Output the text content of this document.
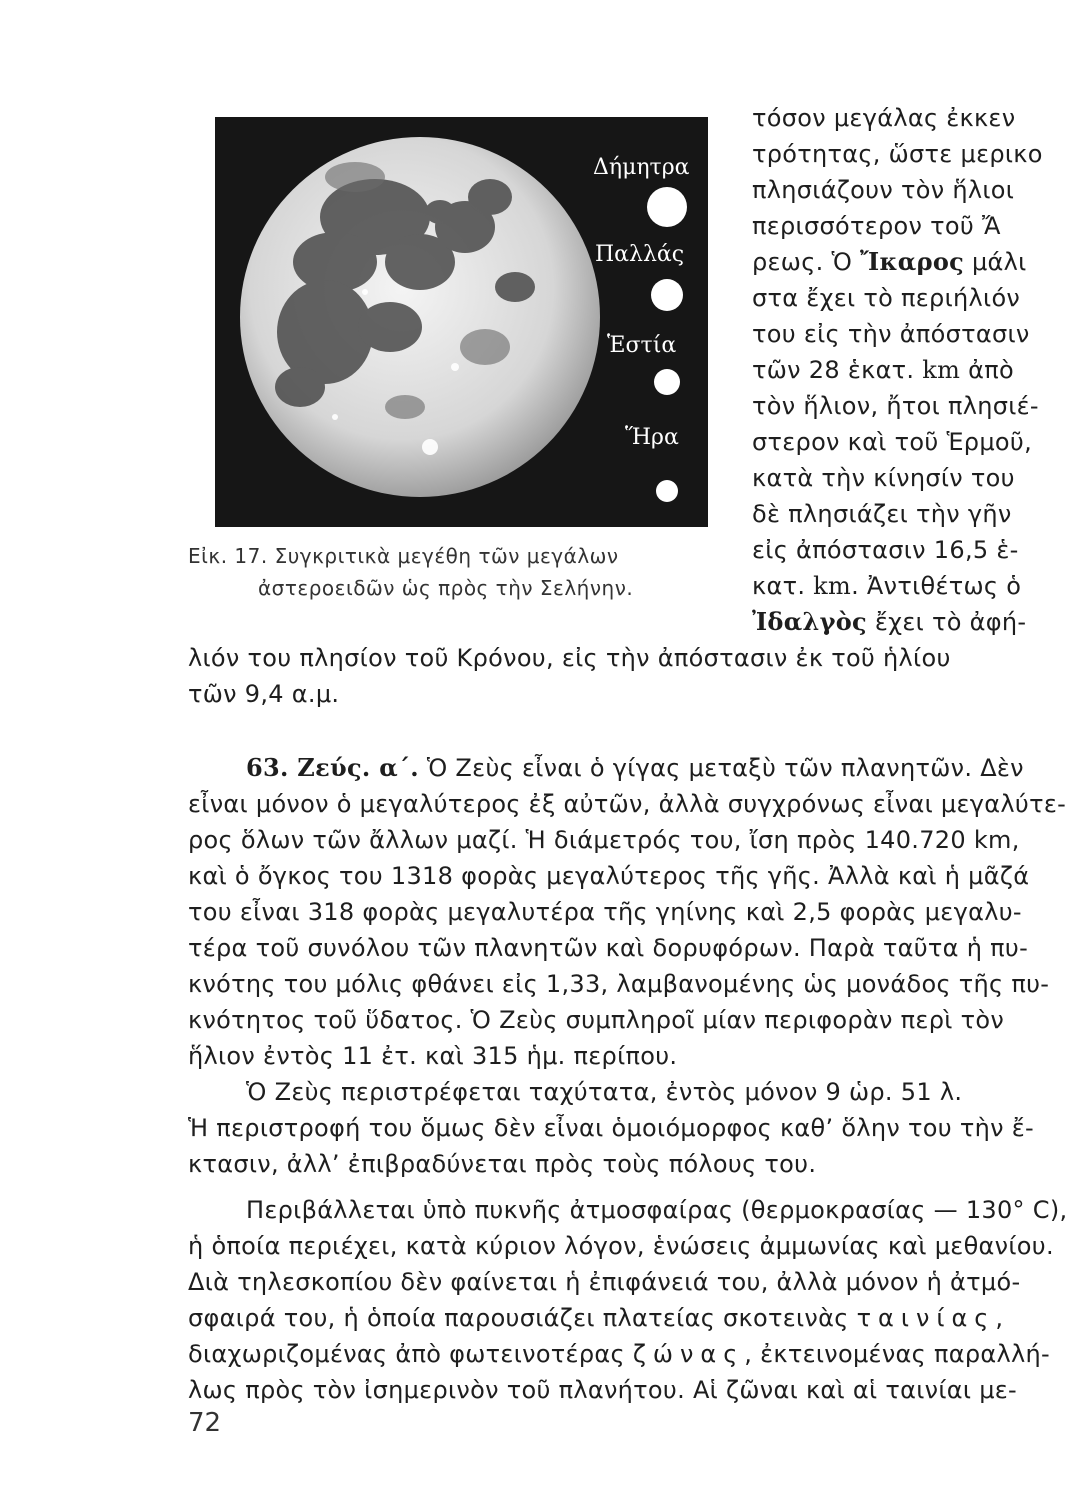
Δήμητρα
Παλλάς
Ἑστία
Ἥρα
Εἰκ. 17. Συγκριτικὰ μεγέθη τῶν μεγάλων
ἀστεροειδῶν ὡς πρὸς τὴν Σελήνην.
τόσον μεγάλας ἐκκεν
τρότητας, ὥστε μερικο
πλησιάζουν τὸν ἥλιοι
περισσότερον τοῦ Ἄ
ρεως. Ὁ Ἴκαρος μάλι
στα ἔχει τὸ περιήλιόν
του εἰς τὴν ἀπόστασιν
τῶν 28 ἑκατ. km ἀπὸ
τὸν ἥλιον, ἤτοι πλησιέ-
στερον καὶ τοῦ Ἑρμοῦ,
κατὰ τὴν κίνησίν του
δὲ πλησιάζει τὴν γῆν
εἰς ἀπόστασιν 16,5 ἑ-
κατ. km. Ἀντιθέτως ὁ
Ἰδαλγὸς ἔχει τὸ ἀφή-
λιόν του πλησίον τοῦ Κρόνου, εἰς τὴν ἀπόστασιν ἐκ τοῦ ἡλίου
τῶν 9,4 α.μ.
63. Ζεύς. α΄. Ὁ Ζεὺς εἶναι ὁ γίγας μεταξὺ τῶν πλανητῶν. Δὲν
εἶναι μόνον ὁ μεγαλύτερος ἐξ αὐτῶν, ἀλλὰ συγχρόνως εἶναι μεγαλύτε-
ρος ὅλων τῶν ἄλλων μαζί. Ἡ διάμετρός του, ἴση πρὸς 140.720 km,
καὶ ὁ ὄγκος του 1318 φορὰς μεγαλύτερος τῆς γῆς. Ἀλλὰ καὶ ἡ μᾶζά
του εἶναι 318 φορὰς μεγαλυτέρα τῆς γηίνης καὶ 2,5 φορὰς μεγαλυ-
τέρα τοῦ συνόλου τῶν πλανητῶν καὶ δορυφόρων. Παρὰ ταῦτα ἡ πυ-
κνότης του μόλις φθάνει εἰς 1,33, λαμβανομένης ὡς μονάδος τῆς πυ-
κνότητος τοῦ ὕδατος. Ὁ Ζεὺς συμπληροῖ μίαν περιφορὰν περὶ τὸν
ἥλιον ἐντὸς 11 ἐτ. καὶ 315 ἡμ. περίπου.
Ὁ Ζεὺς περιστρέφεται ταχύτατα, ἐντὸς μόνον 9 ὡρ. 51 λ.
Ἡ περιστροφή του ὅμως δὲν εἶναι ὁμοιόμορφος καθ’ ὅλην του τὴν ἔ-
κτασιν, ἀλλ’ ἐπιβραδύνεται πρὸς τοὺς πόλους του.
Περιβάλλεται ὑπὸ πυκνῆς ἀτμοσφαίρας (θερμοκρασίας — 130° C),
ἡ ὁποία περιέχει, κατὰ κύριον λόγον, ἑνώσεις ἀμμωνίας καὶ μεθανίου.
Διὰ τηλεσκοπίου δὲν φαίνεται ἡ ἐπιφάνειά του, ἀλλὰ μόνον ἡ ἀτμό-
σφαιρά του, ἡ ὁποία παρουσιάζει πλατείας σκοτεινὰς ταινίας,
διαχωριζομένας ἀπὸ φωτεινοτέρας ζώνας, ἐκτεινομένας παραλλή-
λως πρὸς τὸν ἰσημερινὸν τοῦ πλανήτου. Αἱ ζῶναι καὶ αἱ ταινίαι με-
72
